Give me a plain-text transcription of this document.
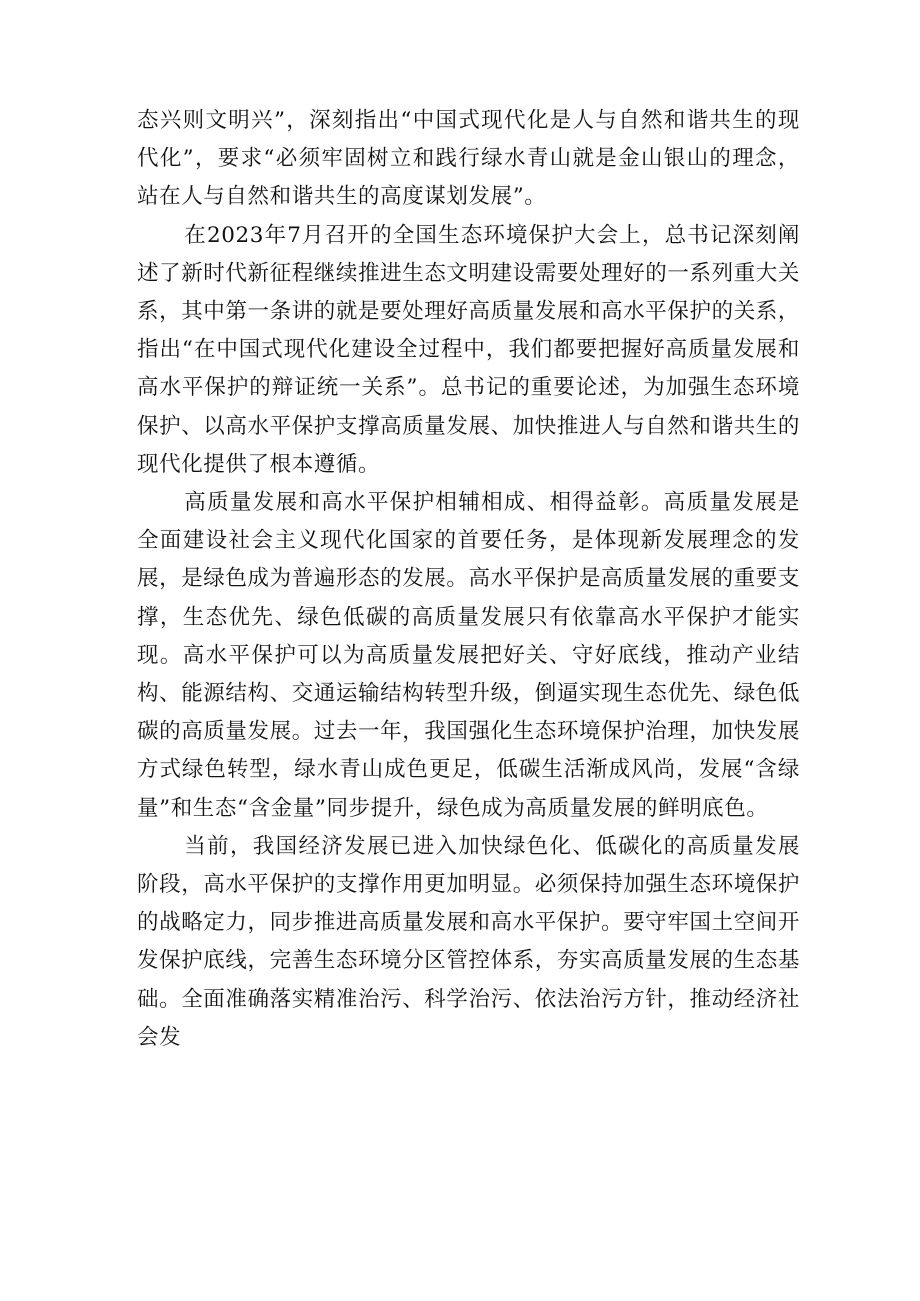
态兴则文明兴”，深刻指出“中国式现代化是人与自然和谐共生的现代化”，要求“必须牢固树立和践行绿水青山就是金山银山的理念，站在人与自然和谐共生的高度谋划发展”。

在2023年7月召开的全国生态环境保护大会上，总书记深刻阐述了新时代新征程继续推进生态文明建设需要处理好的一系列重大关系，其中第一条讲的就是要处理好高质量发展和高水平保护的关系，指出“在中国式现代化建设全过程中，我们都要把握好高质量发展和高水平保护的辩证统一关系”。总书记的重要论述，为加强生态环境保护、以高水平保护支撑高质量发展、加快推进人与自然和谐共生的现代化提供了根本遵循。

高质量发展和高水平保护相辅相成、相得益彰。高质量发展是全面建设社会主义现代化国家的首要任务，是体现新发展理念的发展，是绿色成为普遍形态的发展。高水平保护是高质量发展的重要支撑，生态优先、绿色低碳的高质量发展只有依靠高水平保护才能实现。高水平保护可以为高质量发展把好关、守好底线，推动产业结构、能源结构、交通运输结构转型升级，倒逼实现生态优先、绿色低碳的高质量发展。过去一年，我国强化生态环境保护治理，加快发展方式绿色转型，绿水青山成色更足，低碳生活渐成风尚，发展“含绿量”和生态“含金量”同步提升，绿色成为高质量发展的鲜明底色。

当前，我国经济发展已进入加快绿色化、低碳化的高质量发展阶段，高水平保护的支撑作用更加明显。必须保持加强生态环境保护的战略定力，同步推进高质量发展和高水平保护。要守牢国土空间开发保护底线，完善生态环境分区管控体系，夯实高质量发展的生态基础。全面准确落实精准治污、科学治污、依法治污方针，推动经济社会发
